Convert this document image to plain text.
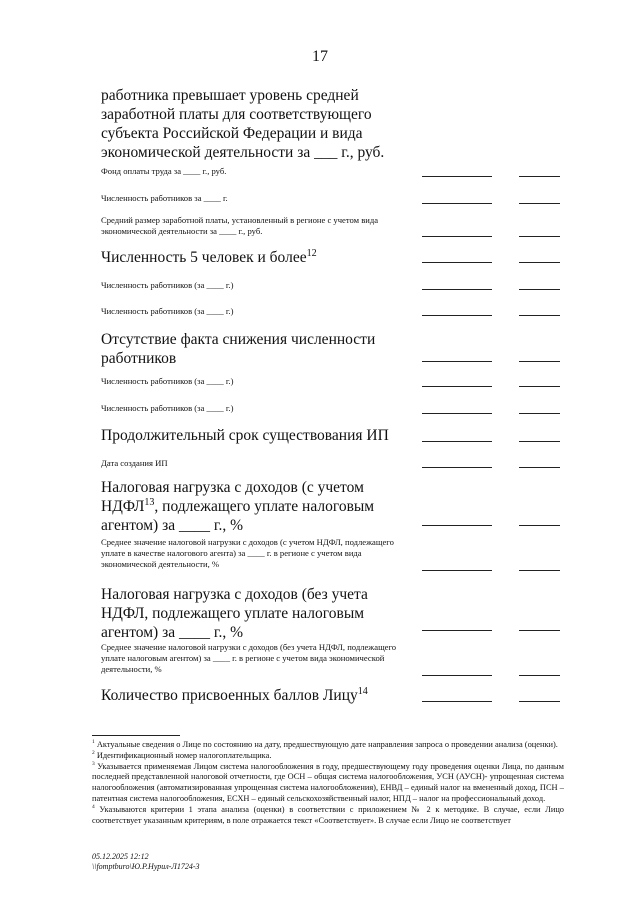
17
работника превышает уровень средней заработной платы для соответствующего субъекта Российской Федерации и вида экономической деятельности за ___ г., руб.
Фонд оплаты труда за ____ г., руб.
Численность работников за ____ г.
Средний размер заработной платы, установленный в регионе с учетом вида экономической деятельности за ____ г., руб.
Численность 5 человек и более$^{12}$
Численность работников (за ____ г.)
Численность работников (за ____ г.)
Отсутствие факта снижения численности работников
Численность работников (за ____ г.)
Численность работников (за ____ г.)
Продолжительный срок существования ИП
Дата создания ИП
Налоговая нагрузка с доходов (с учетом НДФЛ$^{13}$, подлежащего уплате налоговым агентом) за ____ г., %
Среднее значение налоговой нагрузки с доходов (с учетом НДФЛ, подлежащего уплате в качестве налогового агента) за ____ г. в регионе с учетом вида экономической деятельности, %
Налоговая нагрузка с доходов (без учета НДФЛ, подлежащего уплате налоговым агентом) за ____ г., %
Среднее значение налоговой нагрузки с доходов (без учета НДФЛ, подлежащего уплате налоговым агентом) за ____ г. в регионе с учетом вида экономической деятельности, %
Количество присвоенных баллов Лицу$^{14}$

$^1$ Актуальные сведения о Лице по состоянию на дату, предшествующую дате направления запроса о проведении анализа (оценки).

$^2$ Идентификационный номер налогоплательщика.

$^3$ Указывается применяемая Лицом система налогообложения в году, предшествующему году проведения оценки Лица, по данным последней представленной налоговой отчетности, где ОСН – общая система налогообложения, УСН (АУСН)- упрощенная система налогообложения (автоматизированная упрощенная система налогообложения), ЕНВД – единый налог на вмененный доход, ПСН – патентная система налогообложения, ЕСХН – единый сельскохозяйственный налог, НПД – налог на профессиональный доход.

$^4$ Указываются критерии 1 этапа анализа (оценки) в соответствии с приложением № 2 к методике. В случае, если Лицо соответствует указанным критериям, в поле отражается текст «Соответствует». В случае если Лицо не соответствует

05.12.2025 12:12
\\fomptburo\Ю.Р.Нурил-Л1724-3
